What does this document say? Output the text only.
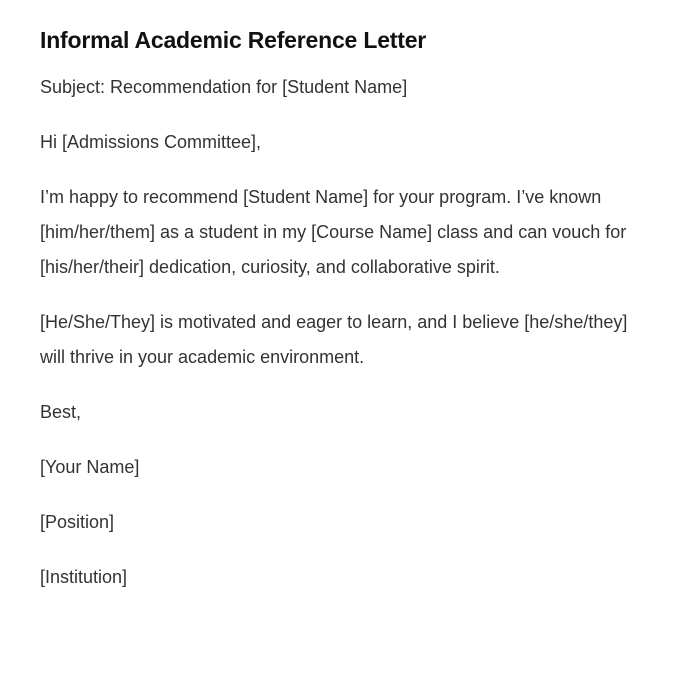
Informal Academic Reference Letter

Subject: Recommendation for [Student Name]

Hi [Admissions Committee],

I’m happy to recommend [Student Name] for your program. I’ve known [him/her/them] as a student in my [Course Name] class and can vouch for [his/her/their] dedication, curiosity, and collaborative spirit.

[He/She/They] is motivated and eager to learn, and I believe [he/she/they] will thrive in your academic environment.

Best,

[Your Name]

[Position]

[Institution]
